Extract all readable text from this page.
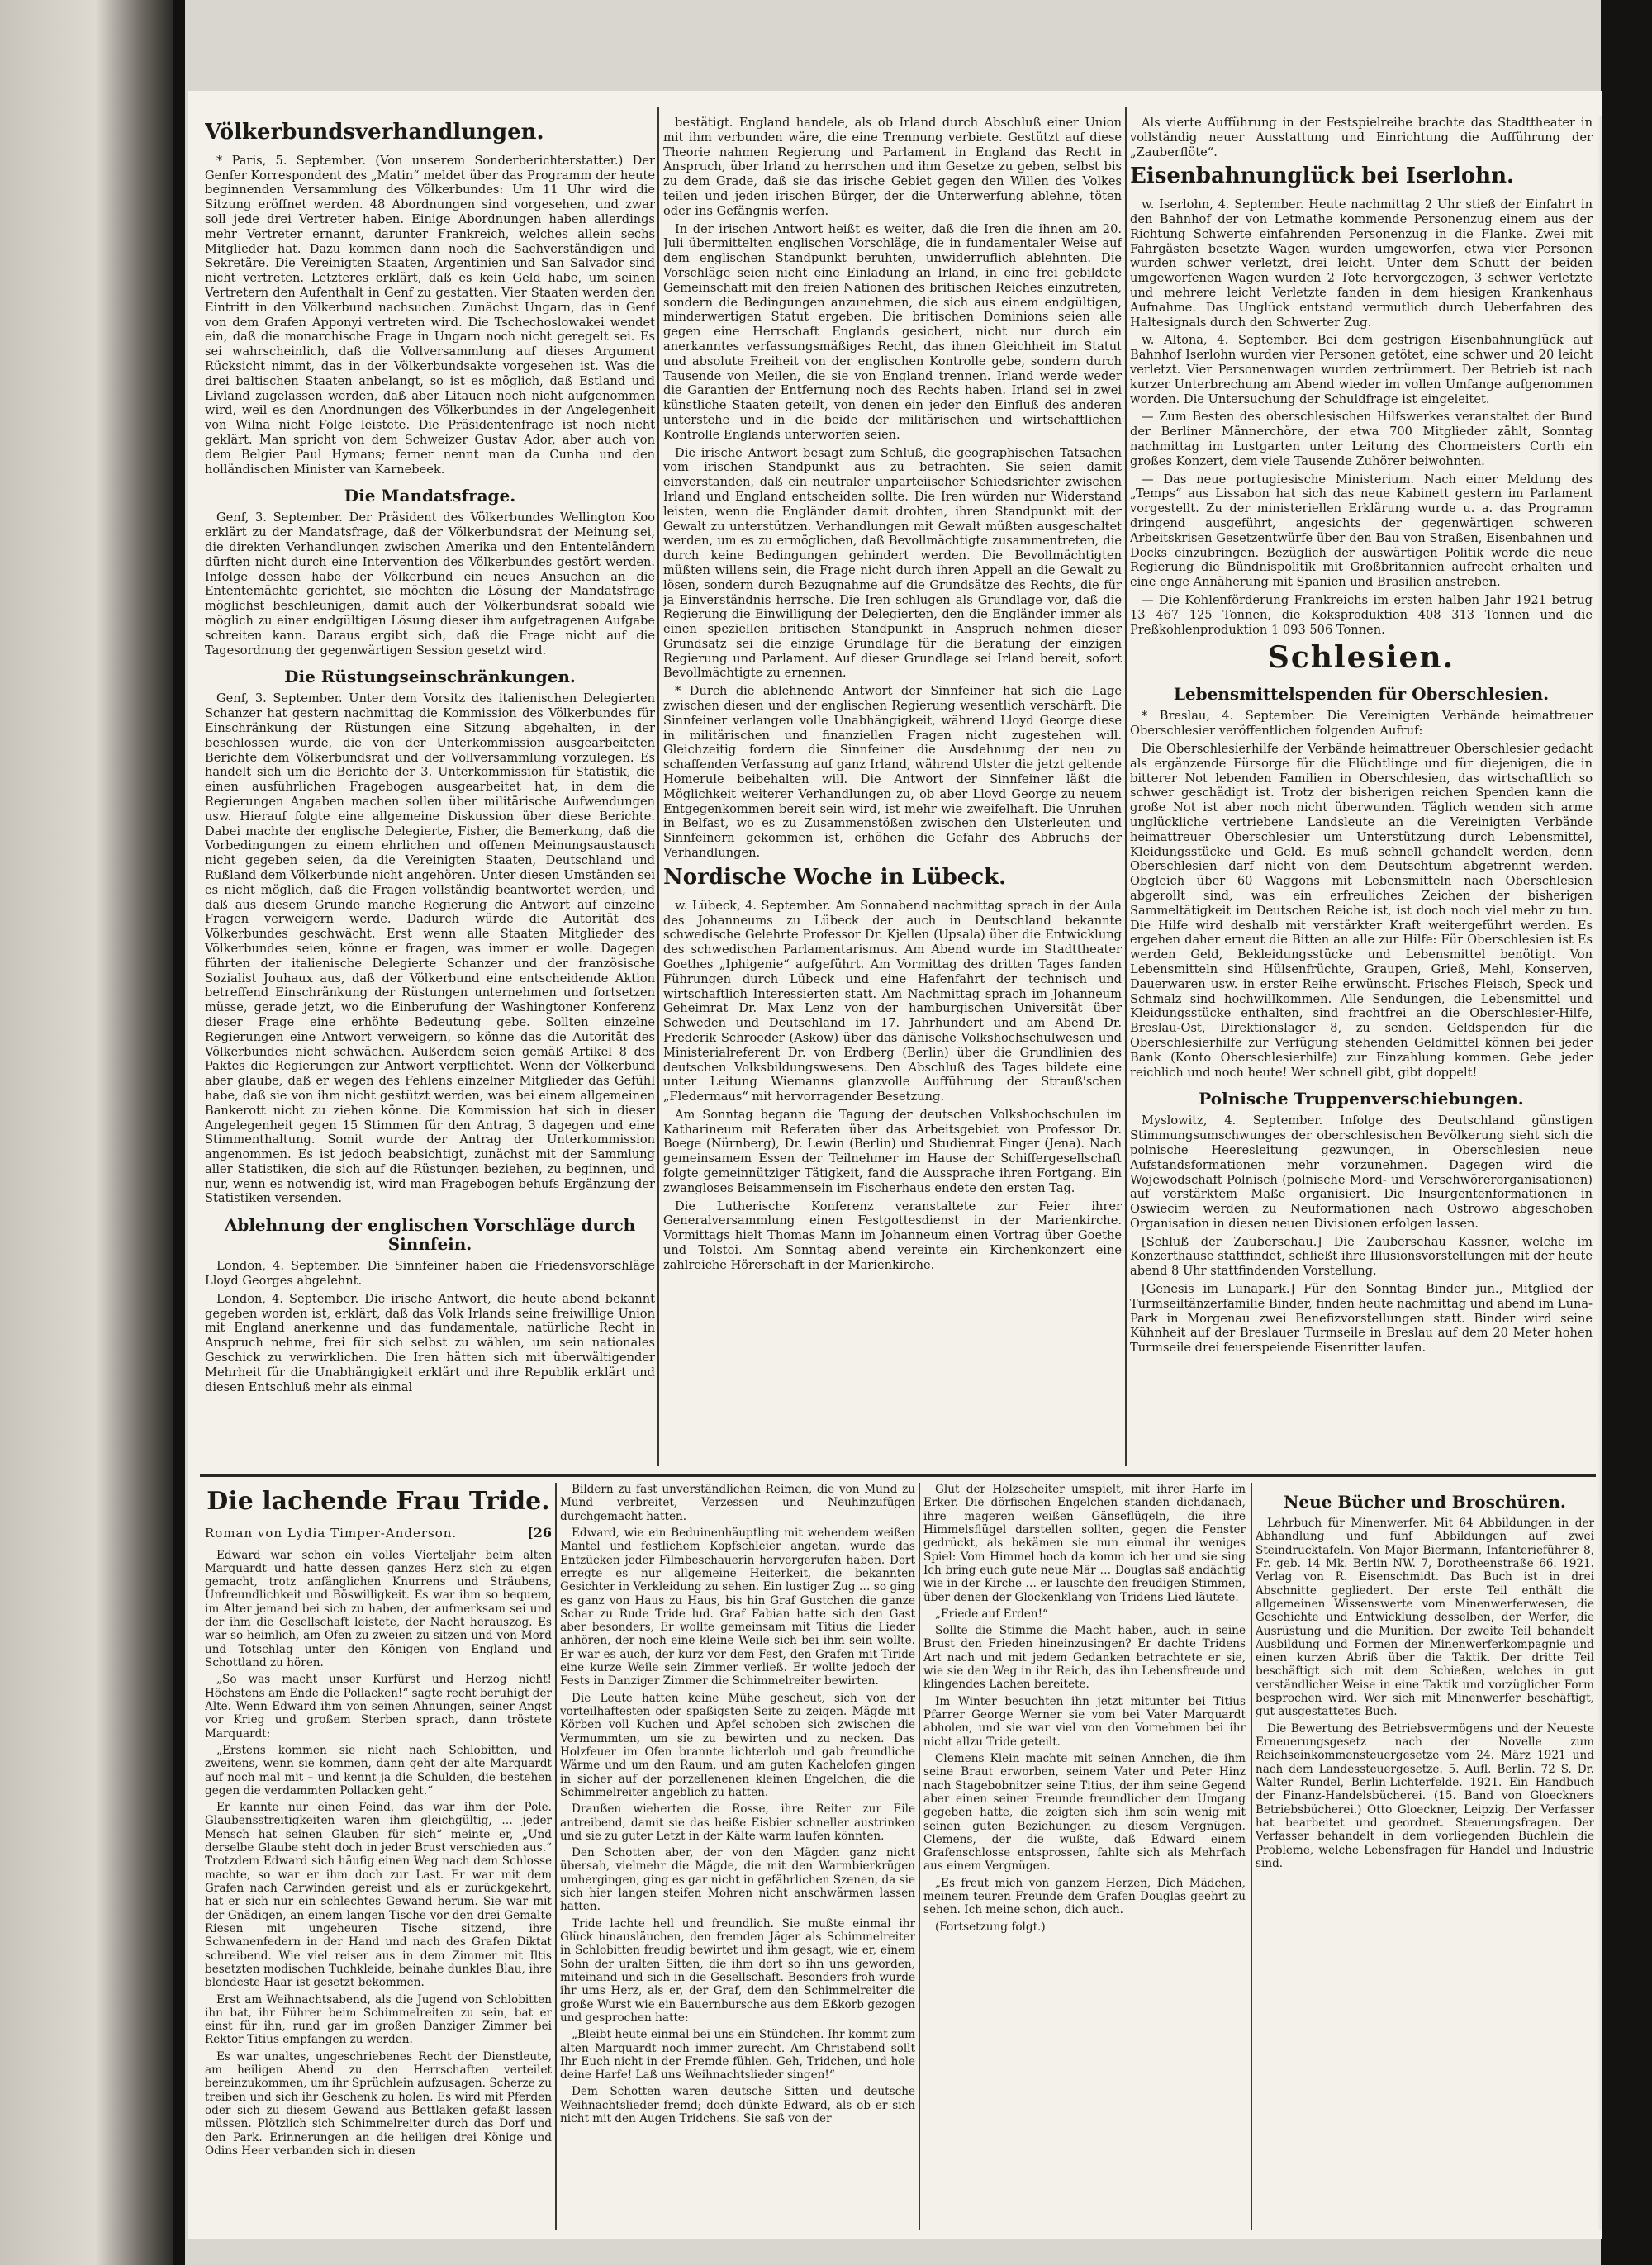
Völkerbundsverhandlungen.

* Paris, 5. September. (Von unserem Sonderberichterstatter.) Der Genfer Korrespondent des „Matin“ meldet über das Programm der heute beginnenden Versammlung des Völkerbundes: Um 11 Uhr wird die Sitzung eröffnet werden. 48 Abordnungen sind vorgesehen, und zwar soll jede drei Vertreter haben. Einige Abordnungen haben allerdings mehr Vertreter ernannt, darunter Frankreich, welches allein sechs Mitglieder hat. Dazu kommen dann noch die Sachverständigen und Sekretäre. Die Vereinigten Staaten, Argentinien und San Salvador sind nicht vertreten. Letzteres erklärt, daß es kein Geld habe, um seinen Vertretern den Aufenthalt in Genf zu gestatten. Vier Staaten werden den Eintritt in den Völkerbund nachsuchen. Zunächst Ungarn, das in Genf von dem Grafen Apponyi vertreten wird. Die Tschechoslowakei wendet ein, daß die monarchische Frage in Ungarn noch nicht geregelt sei. Es sei wahrscheinlich, daß die Vollversammlung auf dieses Argument Rücksicht nimmt, das in der Völkerbundsakte vorgesehen ist. Was die drei baltischen Staaten anbelangt, so ist es möglich, daß Estland und Livland zugelassen werden, daß aber Litauen noch nicht aufgenommen wird, weil es den Anordnungen des Völkerbundes in der Angelegenheit von Wilna nicht Folge leistete. Die Präsidentenfrage ist noch nicht geklärt. Man spricht von dem Schweizer Gustav Ador, aber auch von dem Belgier Paul Hymans; ferner nennt man da Cunha und den holländischen Minister van Karnebeek.

Die Mandatsfrage.

Genf, 3. September. Der Präsident des Völkerbundes Wellington Koo erklärt zu der Mandatsfrage, daß der Völkerbundsrat der Meinung sei, die direkten Verhandlungen zwischen Amerika und den Ententeländern dürften nicht durch eine Intervention des Völkerbundes gestört werden. Infolge dessen habe der Völkerbund ein neues Ansuchen an die Ententemächte gerichtet, sie möchten die Lösung der Mandatsfrage möglichst beschleunigen, damit auch der Völkerbundsrat sobald wie möglich zu einer endgültigen Lösung dieser ihm aufgetragenen Aufgabe schreiten kann. Daraus ergibt sich, daß die Frage nicht auf die Tagesordnung der gegenwärtigen Session gesetzt wird.

Die Rüstungseinschränkungen.

Genf, 3. September. Unter dem Vorsitz des italienischen Delegierten Schanzer hat gestern nachmittag die Kommission des Völkerbundes für Einschränkung der Rüstungen eine Sitzung abgehalten, in der beschlossen wurde, die von der Unterkommission ausgearbeiteten Berichte dem Völkerbundsrat und der Vollversammlung vorzulegen. Es handelt sich um die Berichte der 3. Unterkommission für Statistik, die einen ausführlichen Fragebogen ausgearbeitet hat, in dem die Regierungen Angaben machen sollen über militärische Aufwendungen usw. Hierauf folgte eine allgemeine Diskussion über diese Berichte. Dabei machte der englische Delegierte, Fisher, die Bemerkung, daß die Vorbedingungen zu einem ehrlichen und offenen Meinungsaustausch nicht gegeben seien, da die Vereinigten Staaten, Deutschland und Rußland dem Völkerbunde nicht angehören. Unter diesen Umständen sei es nicht möglich, daß die Fragen vollständig beantwortet werden, und daß aus diesem Grunde manche Regierung die Antwort auf einzelne Fragen verweigern werde. Dadurch würde die Autorität des Völkerbundes geschwächt. Erst wenn alle Staaten Mitglieder des Völkerbundes seien, könne er fragen, was immer er wolle. Dagegen führten der italienische Delegierte Schanzer und der französische Sozialist Jouhaux aus, daß der Völkerbund eine entscheidende Aktion betreffend Einschränkung der Rüstungen unternehmen und fortsetzen müsse, gerade jetzt, wo die Einberufung der Washingtoner Konferenz dieser Frage eine erhöhte Bedeutung gebe. Sollten einzelne Regierungen eine Antwort verweigern, so könne das die Autorität des Völkerbundes nicht schwächen. Außerdem seien gemäß Artikel 8 des Paktes die Regierungen zur Antwort verpflichtet. Wenn der Völkerbund aber glaube, daß er wegen des Fehlens einzelner Mitglieder das Gefühl habe, daß sie von ihm nicht gestützt werden, was bei einem allgemeinen Bankerott nicht zu ziehen könne. Die Kommission hat sich in dieser Angelegenheit gegen 15 Stimmen für den Antrag, 3 dagegen und eine Stimmenthaltung. Somit wurde der Antrag der Unterkommission angenommen. Es ist jedoch beabsichtigt, zunächst mit der Sammlung aller Statistiken, die sich auf die Rüstungen beziehen, zu beginnen, und nur, wenn es notwendig ist, wird man Fragebogen behufs Ergänzung der Statistiken versenden.

Ablehnung der englischen Vorschläge durch Sinnfein.

London, 4. September. Die Sinnfeiner haben die Friedensvorschläge Lloyd Georges abgelehnt.

London, 4. September. Die irische Antwort, die heute abend bekannt gegeben worden ist, erklärt, daß das Volk Irlands seine freiwillige Union mit England anerkenne und das fundamentale, natürliche Recht in Anspruch nehme, frei für sich selbst zu wählen, um sein nationales Geschick zu verwirklichen. Die Iren hätten sich mit überwältigender Mehrheit für die Unabhängigkeit erklärt und ihre Republik erklärt und diesen Entschluß mehr als einmal

bestätigt. England handele, als ob Irland durch Abschluß einer Union mit ihm verbunden wäre, die eine Trennung verbiete. Gestützt auf diese Theorie nahmen Regierung und Parlament in England das Recht in Anspruch, über Irland zu herrschen und ihm Gesetze zu geben, selbst bis zu dem Grade, daß sie das irische Gebiet gegen den Willen des Volkes teilen und jeden irischen Bürger, der die Unterwerfung ablehne, töten oder ins Gefängnis werfen.

In der irischen Antwort heißt es weiter, daß die Iren die ihnen am 20. Juli übermittelten englischen Vorschläge, die in fundamentaler Weise auf dem englischen Standpunkt beruhten, unwiderruflich ablehnten. Die Vorschläge seien nicht eine Einladung an Irland, in eine frei gebildete Gemeinschaft mit den freien Nationen des britischen Reiches einzutreten, sondern die Bedingungen anzunehmen, die sich aus einem endgültigen, minderwertigen Statut ergeben. Die britischen Dominions seien alle gegen eine Herrschaft Englands gesichert, nicht nur durch ein anerkanntes verfassungsmäßiges Recht, das ihnen Gleichheit im Statut und absolute Freiheit von der englischen Kontrolle gebe, sondern durch Tausende von Meilen, die sie von England trennen. Irland werde weder die Garantien der Entfernung noch des Rechts haben. Irland sei in zwei künstliche Staaten geteilt, von denen ein jeder den Einfluß des anderen unterstehe und in die beide der militärischen und wirtschaftlichen Kontrolle Englands unterworfen seien.

Die irische Antwort besagt zum Schluß, die geographischen Tatsachen vom irischen Standpunkt aus zu betrachten. Sie seien damit einverstanden, daß ein neutraler unparteiischer Schiedsrichter zwischen Irland und England entscheiden sollte. Die Iren würden nur Widerstand leisten, wenn die Engländer damit drohten, ihren Standpunkt mit der Gewalt zu unterstützen. Verhandlungen mit Gewalt müßten ausgeschaltet werden, um es zu ermöglichen, daß Bevollmächtigte zusammentreten, die durch keine Bedingungen gehindert werden. Die Bevollmächtigten müßten willens sein, die Frage nicht durch ihren Appell an die Gewalt zu lösen, sondern durch Bezugnahme auf die Grundsätze des Rechts, die für ja Einverständnis herrsche. Die Iren schlugen als Grundlage vor, daß die Regierung die Einwilligung der Delegierten, den die Engländer immer als einen speziellen britischen Standpunkt in Anspruch nehmen dieser Grundsatz sei die einzige Grundlage für die Beratung der einzigen Regierung und Parlament. Auf dieser Grundlage sei Irland bereit, sofort Bevollmächtigte zu ernennen.

* Durch die ablehnende Antwort der Sinnfeiner hat sich die Lage zwischen diesen und der englischen Regierung wesentlich verschärft. Die Sinnfeiner verlangen volle Unabhängigkeit, während Lloyd George diese in militärischen und finanziellen Fragen nicht zugestehen will. Gleichzeitig fordern die Sinnfeiner die Ausdehnung der neu zu schaffenden Verfassung auf ganz Irland, während Ulster die jetzt geltende Homerule beibehalten will. Die Antwort der Sinnfeiner läßt die Möglichkeit weiterer Verhandlungen zu, ob aber Lloyd George zu neuem Entgegenkommen bereit sein wird, ist mehr wie zweifelhaft. Die Unruhen in Belfast, wo es zu Zusammenstößen zwischen den Ulsterleuten und Sinnfeinern gekommen ist, erhöhen die Gefahr des Abbruchs der Verhandlungen.

Nordische Woche in Lübeck.

w. Lübeck, 4. September. Am Sonnabend nachmittag sprach in der Aula des Johanneums zu Lübeck der auch in Deutschland bekannte schwedische Gelehrte Professor Dr. Kjellen (Upsala) über die Entwicklung des schwedischen Parlamentarismus. Am Abend wurde im Stadttheater Goethes „Iphigenie“ aufgeführt. Am Vormittag des dritten Tages fanden Führungen durch Lübeck und eine Hafenfahrt der technisch und wirtschaftlich Interessierten statt. Am Nachmittag sprach im Johanneum Geheimrat Dr. Max Lenz von der hamburgischen Universität über Schweden und Deutschland im 17. Jahrhundert und am Abend Dr. Frederik Schroeder (Askow) über das dänische Volkshochschulwesen und Ministerialreferent Dr. von Erdberg (Berlin) über die Grundlinien des deutschen Volksbildungswesens. Den Abschluß des Tages bildete eine unter Leitung Wiemanns glanzvolle Aufführung der Strauß'schen „Fledermaus“ mit hervorragender Besetzung.

Am Sonntag begann die Tagung der deutschen Volkshochschulen im Katharineum mit Referaten über das Arbeitsgebiet von Professor Dr. Boege (Nürnberg), Dr. Lewin (Berlin) und Studienrat Finger (Jena). Nach gemeinsamem Essen der Teilnehmer im Hause der Schiffergesellschaft folgte gemeinnütziger Tätigkeit, fand die Aussprache ihren Fortgang. Ein zwangloses Beisammensein im Fischerhaus endete den ersten Tag.

Die Lutherische Konferenz veranstaltete zur Feier ihrer Generalversammlung einen Festgottesdienst in der Marienkirche. Vormittags hielt Thomas Mann im Johanneum einen Vortrag über Goethe und Tolstoi. Am Sonntag abend vereinte ein Kirchenkonzert eine zahlreiche Hörerschaft in der Marienkirche.

Als vierte Aufführung in der Festspielreihe brachte das Stadttheater in vollständig neuer Ausstattung und Einrichtung die Aufführung der „Zauberflöte“.

Eisenbahnunglück bei Iserlohn.

w. Iserlohn, 4. September. Heute nachmittag 2 Uhr stieß der Einfahrt in den Bahnhof der von Letmathe kommende Personenzug einem aus der Richtung Schwerte einfahrenden Personenzug in die Flanke. Zwei mit Fahrgästen besetzte Wagen wurden umgeworfen, etwa vier Personen wurden schwer verletzt, drei leicht. Unter dem Schutt der beiden umgeworfenen Wagen wurden 2 Tote hervorgezogen, 3 schwer Verletzte und mehrere leicht Verletzte fanden in dem hiesigen Krankenhaus Aufnahme. Das Unglück entstand vermutlich durch Ueberfahren des Haltesignals durch den Schwerter Zug.

w. Altona, 4. September. Bei dem gestrigen Eisenbahnunglück auf Bahnhof Iserlohn wurden vier Personen getötet, eine schwer und 20 leicht verletzt. Vier Personenwagen wurden zertrümmert. Der Betrieb ist nach kurzer Unterbrechung am Abend wieder im vollen Umfange aufgenommen worden. Die Untersuchung der Schuldfrage ist eingeleitet.

— Zum Besten des oberschlesischen Hilfswerkes veranstaltet der Bund der Berliner Männerchöre, der etwa 700 Mitglieder zählt, Sonntag nachmittag im Lustgarten unter Leitung des Chormeisters Corth ein großes Konzert, dem viele Tausende Zuhörer beiwohnten.

— Das neue portugiesische Ministerium. Nach einer Meldung des „Temps“ aus Lissabon hat sich das neue Kabinett gestern im Parlament vorgestellt. Zu der ministeriellen Erklärung wurde u. a. das Programm dringend ausgeführt, angesichts der gegenwärtigen schweren Arbeitskrisen Gesetzentwürfe über den Bau von Straßen, Eisenbahnen und Docks einzubringen. Bezüglich der auswärtigen Politik werde die neue Regierung die Bündnispolitik mit Großbritannien aufrecht erhalten und eine enge Annäherung mit Spanien und Brasilien anstreben.

— Die Kohlenförderung Frankreichs im ersten halben Jahr 1921 betrug 13 467 125 Tonnen, die Koksproduktion 408 313 Tonnen und die Preßkohlenproduktion 1 093 506 Tonnen.

Schlesien.
Lebensmittelspenden für Oberschlesien.

* Breslau, 4. September. Die Vereinigten Verbände heimattreuer Oberschlesier veröffentlichen folgenden Aufruf:

Die Oberschlesierhilfe der Verbände heimattreuer Oberschlesier gedacht als ergänzende Fürsorge für die Flüchtlinge und für diejenigen, die in bitterer Not lebenden Familien in Oberschlesien, das wirtschaftlich so schwer geschädigt ist. Trotz der bisherigen reichen Spenden kann die große Not ist aber noch nicht überwunden. Täglich wenden sich arme unglückliche vertriebene Landsleute an die Vereinigten Verbände heimattreuer Oberschlesier um Unterstützung durch Lebensmittel, Kleidungsstücke und Geld. Es muß schnell gehandelt werden, denn Oberschlesien darf nicht von dem Deutschtum abgetrennt werden. Obgleich über 60 Waggons mit Lebensmitteln nach Oberschlesien abgerollt sind, was ein erfreuliches Zeichen der bisherigen Sammeltätigkeit im Deutschen Reiche ist, ist doch noch viel mehr zu tun. Die Hilfe wird deshalb mit verstärkter Kraft weitergeführt werden. Es ergehen daher erneut die Bitten an alle zur Hilfe: Für Oberschlesien ist Es werden Geld, Bekleidungsstücke und Lebensmittel benötigt. Von Lebensmitteln sind Hülsenfrüchte, Graupen, Grieß, Mehl, Konserven, Dauerwaren usw. in erster Reihe erwünscht. Frisches Fleisch, Speck und Schmalz sind hochwillkommen. Alle Sendungen, die Lebensmittel und Kleidungsstücke enthalten, sind frachtfrei an die Oberschlesier-Hilfe, Breslau-Ost, Direktionslager 8, zu senden. Geldspenden für die Oberschlesierhilfe zur Verfügung stehenden Geldmittel können bei jeder Bank (Konto Oberschlesierhilfe) zur Einzahlung kommen. Gebe jeder reichlich und noch heute! Wer schnell gibt, gibt doppelt!

Polnische Truppenverschiebungen.

Myslowitz, 4. September. Infolge des Deutschland günstigen Stimmungsumschwunges der oberschlesischen Bevölkerung sieht sich die polnische Heeresleitung gezwungen, in Oberschlesien neue Aufstandsformationen mehr vorzunehmen. Dagegen wird die Wojewodschaft Polnisch (polnische Mord- und Verschwörerorganisationen) auf verstärktem Maße organisiert. Die Insurgentenformationen in Oswiecim werden zu Neuformationen nach Ostrowo abgeschoben Organisation in diesen neuen Divisionen erfolgen lassen.

[Schluß der Zauberschau.] Die Zauberschau Kassner, welche im Konzerthause stattfindet, schließt ihre Illusionsvorstellungen mit der heute abend 8 Uhr stattfindenden Vorstellung.

[Genesis im Lunapark.] Für den Sonntag Binder jun., Mitglied der Turmseiltänzerfamilie Binder, finden heute nachmittag und abend im Luna-Park in Morgenau zwei Benefizvorstellungen statt. Binder wird seine Kühnheit auf der Breslauer Turmseile in Breslau auf dem 20 Meter hohen Turmseile drei feuerspeiende Eisenritter laufen.

Die lachende Frau Tride.
Roman von Lydia Timper-Anderson.	[26

Edward war schon ein volles Vierteljahr beim alten Marquardt und hatte dessen ganzes Herz sich zu eigen gemacht, trotz anfänglichen Knurrens und Sträubens, Unfreundlichkeit und Böswilligkeit. Es war ihm so bequem, im Alter jemand bei sich zu haben, der aufmerksam sei und der ihm die Gesellschaft leistete, der Nacht herauszog. Es war so heimlich, am Ofen zu zweien zu sitzen und von Mord und Totschlag unter den Königen von England und Schottland zu hören.

„So was macht unser Kurfürst und Herzog nicht! Höchstens am Ende die Pollacken!“ sagte recht beruhigt der Alte. Wenn Edward ihm von seinen Ahnungen, seiner Angst vor Krieg und großem Sterben sprach, dann tröstete Marquardt:

„Erstens kommen sie nicht nach Schlobitten, und zweitens, wenn sie kommen, dann geht der alte Marquardt auf noch mal mit – und kennt ja die Schulden, die bestehen gegen die verdammten Pollacken geht.“

Er kannte nur einen Feind, das war ihm der Pole. Glaubensstreitigkeiten waren ihm gleichgültig, … jeder Mensch hat seinen Glauben für sich“ meinte er, „Und derselbe Glaube steht doch in jeder Brust verschieden aus.“ Trotzdem Edward sich häufig einen Weg nach dem Schlosse machte, so war er ihm doch zur Last. Er war mit dem Grafen nach Carwinden gereist und als er zurückgekehrt, hat er sich nur ein schlechtes Gewand herum. Sie war mit der Gnädigen, an einem langen Tische vor den drei Gemalte Riesen mit ungeheuren Tische sitzend, ihre Schwanenfedern in der Hand und nach des Grafen Diktat schreibend. Wie viel reiser aus in dem Zimmer mit Iltis besetzten modischen Tuchkleide, beinahe dunkles Blau, ihre blondeste Haar ist gesetzt bekommen.

Erst am Weihnachtsabend, als die Jugend von Schlobitten ihn bat, ihr Führer beim Schimmelreiten zu sein, bat er einst für ihn, rund gar im großen Danziger Zimmer bei Rektor Titius empfangen zu werden.

Es war unaltes, ungeschriebenes Recht der Dienstleute, am heiligen Abend zu den Herrschaften verteilet bereinzukommen, um ihr Sprüchlein aufzusagen. Scherze zu treiben und sich ihr Geschenk zu holen. Es wird mit Pferden oder sich zu diesem Gewand aus Bettlaken gefaßt lassen müssen. Plötzlich sich Schimmelreiter durch das Dorf und den Park. Erinnerungen an die heiligen drei Könige und Odins Heer verbanden sich in diesen

Bildern zu fast unverständlichen Reimen, die von Mund zu Mund verbreitet, Verzessen und Neuhinzufügen durchgemacht hatten.

Edward, wie ein Beduinenhäuptling mit wehendem weißen Mantel und festlichem Kopfschleier angetan, wurde das Entzücken jeder Filmbeschauerin hervorgerufen haben. Dort erregte es nur allgemeine Heiterkeit, die bekannten Gesichter in Verkleidung zu sehen. Ein lustiger Zug … so ging es ganz von Haus zu Haus, bis hin Graf Gustchen die ganze Schar zu Rude Tride lud. Graf Fabian hatte sich den Gast aber besonders, Er wollte gemeinsam mit Titius die Lieder anhören, der noch eine kleine Weile sich bei ihm sein wollte. Er war es auch, der kurz vor dem Fest, den Grafen mit Tiride eine kurze Weile sein Zimmer verließ. Er wollte jedoch der Fests in Danziger Zimmer die Schimmelreiter bewirten.

Die Leute hatten keine Mühe gescheut, sich von der vorteilhaftesten oder spaßigsten Seite zu zeigen. Mägde mit Körben voll Kuchen und Apfel schoben sich zwischen die Vermummten, um sie zu bewirten und zu necken. Das Holzfeuer im Ofen brannte lichterloh und gab freundliche Wärme und um den Raum, und am guten Kachelofen gingen in sicher auf der porzellenenen kleinen Engelchen, die die Schimmelreiter angeblich zu hatten.

Draußen wieherten die Rosse, ihre Reiter zur Eile antreibend, damit sie das heiße Eisbier schneller austrinken und sie zu guter Letzt in der Kälte warm laufen könnten.

Den Schotten aber, der von den Mägden ganz nicht übersah, vielmehr die Mägde, die mit den Warmbierkrügen umhergingen, ging es gar nicht in gefährlichen Szenen, da sie sich hier langen steifen Mohren nicht anschwärmen lassen hatten.

Tride lachte hell und freundlich. Sie mußte einmal ihr Glück hinausläuchen, den fremden Jäger als Schimmelreiter in Schlobitten freudig bewirtet und ihm gesagt, wie er, einem Sohn der uralten Sitten, die ihm dort so ihn uns geworden, miteinand und sich in die Gesellschaft. Besonders froh wurde ihr ums Herz, als er, der Graf, dem den Schimmelreiter die große Wurst wie ein Bauernbursche aus dem Eßkorb gezogen und gesprochen hatte:

„Bleibt heute einmal bei uns ein Stündchen. Ihr kommt zum alten Marquardt noch immer zurecht. Am Christabend sollt Ihr Euch nicht in der Fremde fühlen. Geh, Tridchen, und hole deine Harfe! Laß uns Weihnachtslieder singen!“

Dem Schotten waren deutsche Sitten und deutsche Weihnachtslieder fremd; doch dünkte Edward, als ob er sich nicht mit den Augen Tridchens. Sie saß von der

Glut der Holzscheiter umspielt, mit ihrer Harfe im Erker. Die dörfischen Engelchen standen dichdanach, ihre mageren weißen Gänseflügeln, die ihre Himmelsflügel darstellen sollten, gegen die Fenster gedrückt, als bekämen sie nun einmal ihr weniges Spiel: Vom Himmel hoch da komm ich her und sie sing Ich bring euch gute neue Mär … Douglas saß andächtig wie in der Kirche … er lauschte den freudigen Stimmen, über denen der Glockenklang von Tridens Lied läutete.

„Friede auf Erden!“

Sollte die Stimme die Macht haben, auch in seine Brust den Frieden hineinzusingen? Er dachte Tridens Art nach und mit jedem Gedanken betrachtete er sie, wie sie den Weg in ihr Reich, das ihn Lebensfreude und klingendes Lachen bereitete.

Im Winter besuchten ihn jetzt mitunter bei Titius Pfarrer George Werner sie vom bei Vater Marquardt abholen, und sie war viel von den Vornehmen bei ihr nicht allzu Tride geteilt.

Clemens Klein machte mit seinen Annchen, die ihm seine Braut erworben, seinem Vater und Peter Hinz nach Stagebobnitzer seine Titius, der ihm seine Gegend aber einen seiner Freunde freundlicher dem Umgang gegeben hatte, die zeigten sich ihm sein wenig mit seinen guten Beziehungen zu diesem Vergnügen. Clemens, der die wußte, daß Edward einem Grafenschlosse entsprossen, fahlte sich als Mehrfach aus einem Vergnügen.

„Es freut mich von ganzem Herzen, Dich Mädchen, meinem teuren Freunde dem Grafen Douglas geehrt zu sehen. Ich meine schon, dich auch.

(Fortsetzung folgt.)

Neue Bücher und Broschüren.

Lehrbuch für Minenwerfer. Mit 64 Abbildungen in der Abhandlung und fünf Abbildungen auf zwei Steindrucktafeln. Von Major Biermann, Infanterieführer 8, Fr. geb. 14 Mk. Berlin NW. 7, Dorotheenstraße 66. 1921. Verlag von R. Eisenschmidt. Das Buch ist in drei Abschnitte gegliedert. Der erste Teil enthält die allgemeinen Wissenswerte vom Minenwerferwesen, die Geschichte und Entwicklung desselben, der Werfer, die Ausrüstung und die Munition. Der zweite Teil behandelt Ausbildung und Formen der Minenwerferkompagnie und einen kurzen Abriß über die Taktik. Der dritte Teil beschäftigt sich mit dem Schießen, welches in gut verständlicher Weise in eine Taktik und vorzüglicher Form besprochen wird. Wer sich mit Minenwerfer beschäftigt, gut ausgestattetes Buch.

Die Bewertung des Betriebsvermögens und der Neueste Erneuerungsgesetz nach der Novelle zum Reichseinkommensteuergesetze vom 24. März 1921 und nach dem Landessteuergesetze. 5. Aufl. Berlin. 72 S. Dr. Walter Rundel, Berlin-Lichterfelde. 1921. Ein Handbuch der Finanz-Handelsbücherei. (15. Band von Gloeckners Betriebsbücherei.) Otto Gloeckner, Leipzig. Der Verfasser hat bearbeitet und geordnet. Steuerungsfragen. Der Verfasser behandelt in dem vorliegenden Büchlein die Probleme, welche Lebensfragen für Handel und Industrie sind.
